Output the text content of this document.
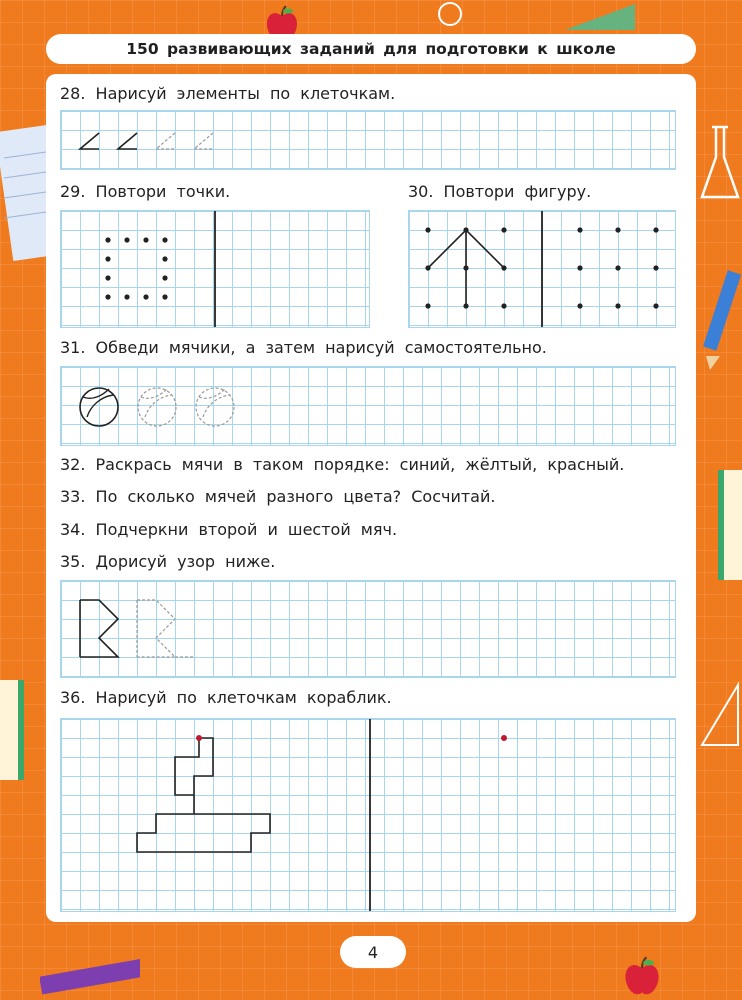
150 развивающих заданий для подготовки к школе
28. Нарисуй элементы по клеточкам.
29. Повтори точки.	30. Повтори фигуру.
31. Обведи мячики, а затем нарисуй самостоятельно.
32. Раскрась мячи в таком порядке: синий, жёлтый, красный.
33. По сколько мячей разного цвета? Сосчитай.
34. Подчеркни второй и шестой мяч.
35. Дорисуй узор ниже.
36. Нарисуй по клеточкам кораблик.
4
